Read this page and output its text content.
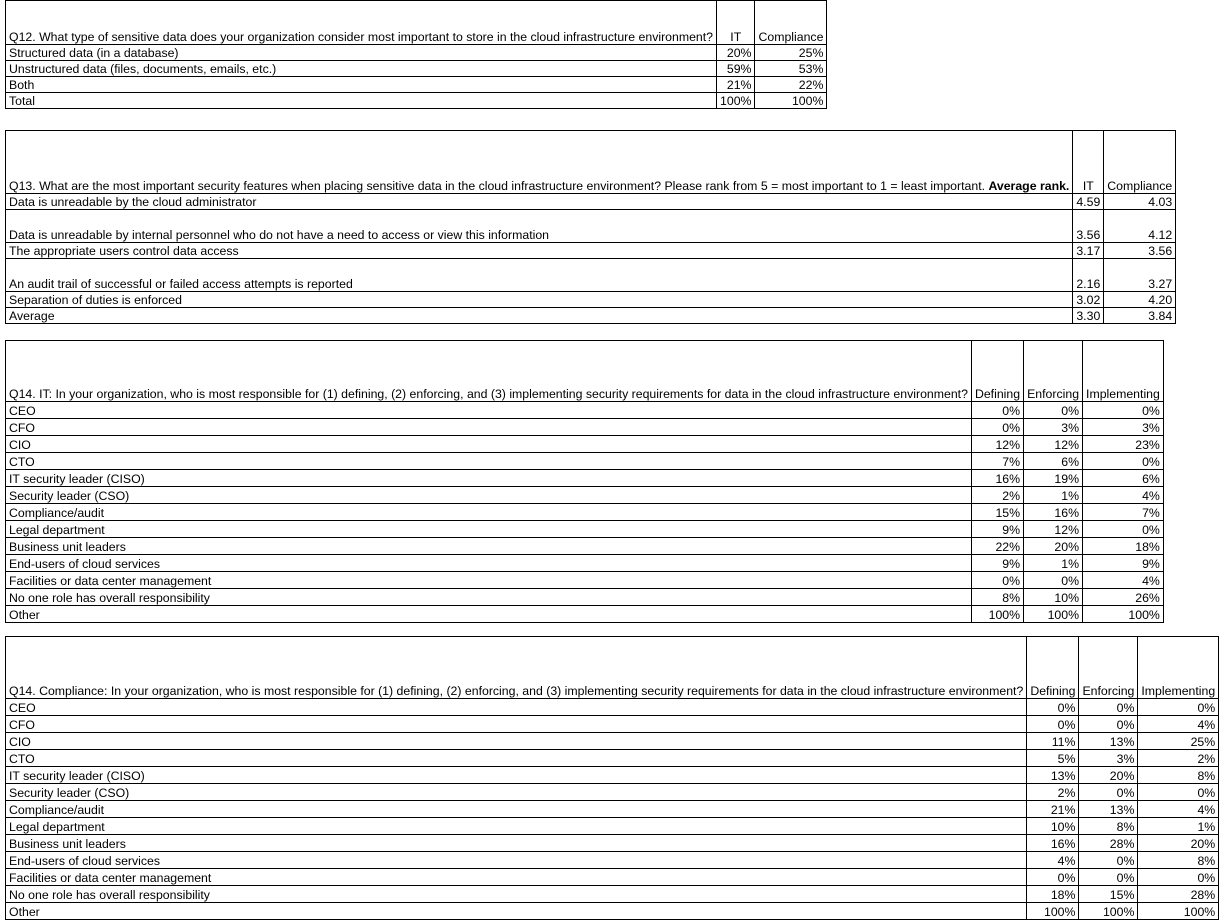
Q12. What type of sensitive data does your organization consider most important to store in the cloud infrastructure environment?	IT	Compliance
Structured data (in a database)	20%	25%
Unstructured data (files, documents, emails, etc.)	59%	53%
Both	21%	22%
Total	100%	100%
Q13. What are the most important security features when placing sensitive data in the cloud infrastructure environment? Please rank from 5 = most important to 1 = least important. Average rank.	IT	Compliance
Data is unreadable by the cloud administrator	4.59	4.03
Data is unreadable by internal personnel who do not have a need to access or view this information	3.56	4.12
The appropriate users control data access	3.17	3.56
An audit trail of successful or failed access attempts is reported	2.16	3.27
Separation of duties is enforced	3.02	4.20
Average	3.30	3.84
Q14. IT: In your organization, who is most responsible for (1) defining, (2) enforcing, and (3) implementing security requirements for data in the cloud infrastructure environment?	Defining	Enforcing	Implementing
CEO	0%	0%	0%
CFO	0%	3%	3%
CIO	12%	12%	23%
CTO	7%	6%	0%
IT security leader (CISO)	16%	19%	6%
Security leader (CSO)	2%	1%	4%
Compliance/audit	15%	16%	7%
Legal department	9%	12%	0%
Business unit leaders	22%	20%	18%
End-users of cloud services	9%	1%	9%
Facilities or data center management	0%	0%	4%
No one role has overall responsibility	8%	10%	26%
Other	100%	100%	100%
Q14. Compliance: In your organization, who is most responsible for (1) defining, (2) enforcing, and (3) implementing security requirements for data in the cloud infrastructure environment?	Defining	Enforcing	Implementing
CEO	0%	0%	0%
CFO	0%	0%	4%
CIO	11%	13%	25%
CTO	5%	3%	2%
IT security leader (CISO)	13%	20%	8%
Security leader (CSO)	2%	0%	0%
Compliance/audit	21%	13%	4%
Legal department	10%	8%	1%
Business unit leaders	16%	28%	20%
End-users of cloud services	4%	0%	8%
Facilities or data center management	0%	0%	0%
No one role has overall responsibility	18%	15%	28%
Other	100%	100%	100%
